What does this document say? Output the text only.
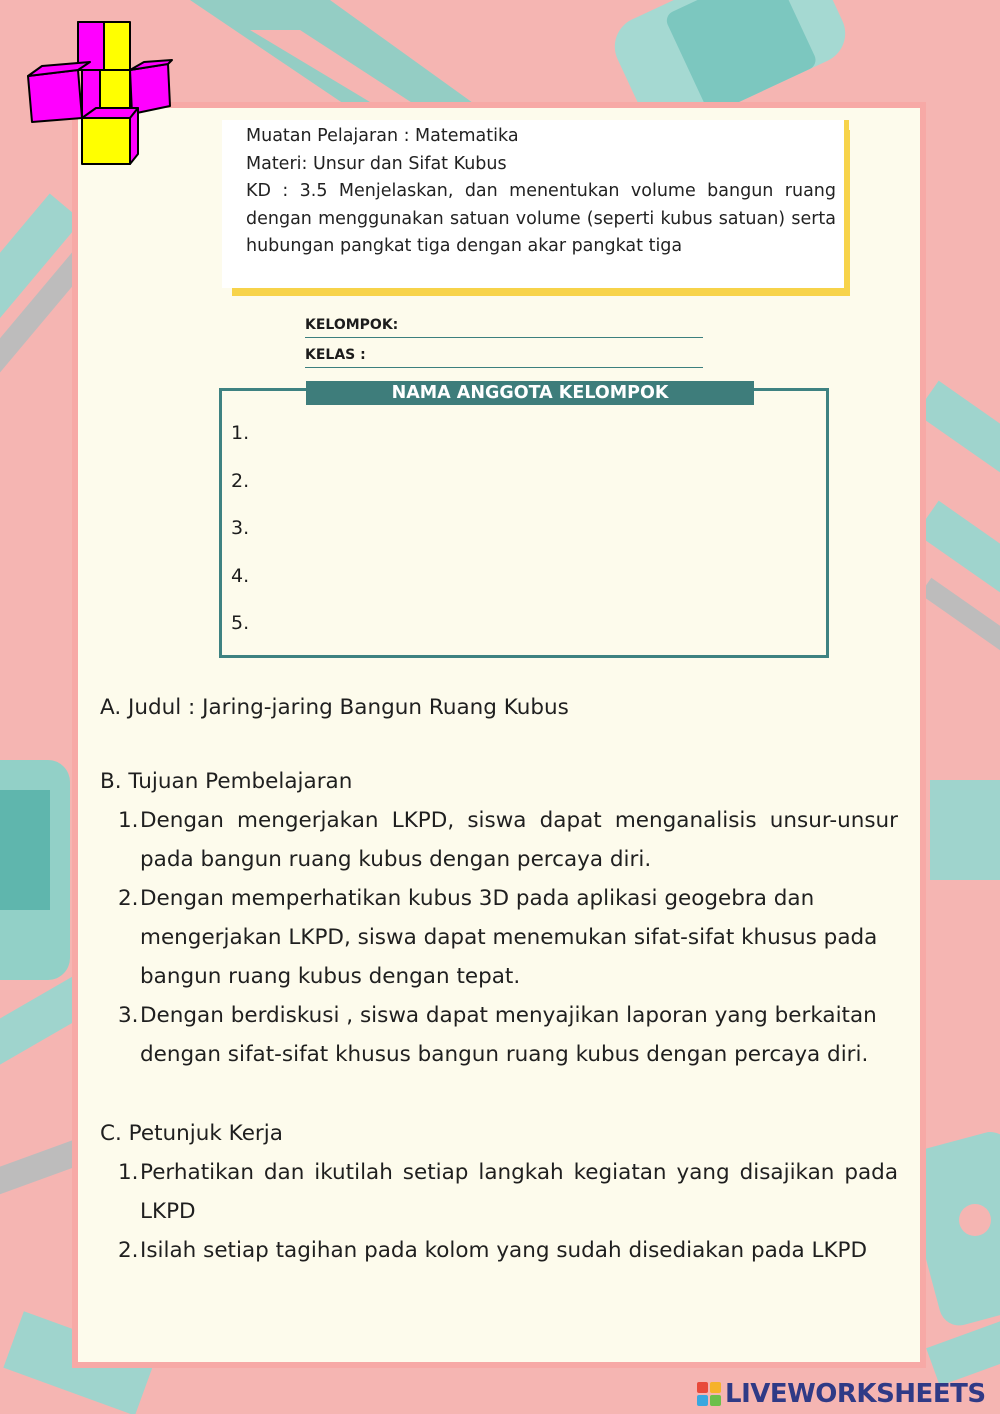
Muatan Pelajaran : Matematika
Materi: Unsur dan Sifat Kubus
KD : 3.5 Menjelaskan, dan menentukan volume bangun ruang dengan menggunakan satuan volume (seperti kubus satuan) serta hubungan pangkat tiga dengan akar pangkat tiga
KELOMPOK:
KELAS :
NAMA ANGGOTA KELOMPOK
1.
2.
3.
4.
5.
A. Judul : Jaring-jaring Bangun Ruang Kubus
B. Tujuan Pembelajaran
1. Dengan mengerjakan LKPD, siswa dapat menganalisis unsur-unsur pada bangun ruang kubus dengan percaya diri.
2. Dengan memperhatikan kubus 3D pada aplikasi geogebra dan mengerjakan LKPD, siswa dapat menemukan sifat-sifat khusus pada bangun ruang kubus dengan tepat.
3. Dengan berdiskusi , siswa dapat menyajikan laporan yang berkaitan dengan sifat-sifat khusus bangun ruang kubus dengan percaya diri.
C. Petunjuk Kerja
1. Perhatikan dan ikutilah setiap langkah kegiatan yang disajikan pada LKPD
2. Isilah setiap tagihan pada kolom yang sudah disediakan pada LKPD
LIVEWORKSHEETS
